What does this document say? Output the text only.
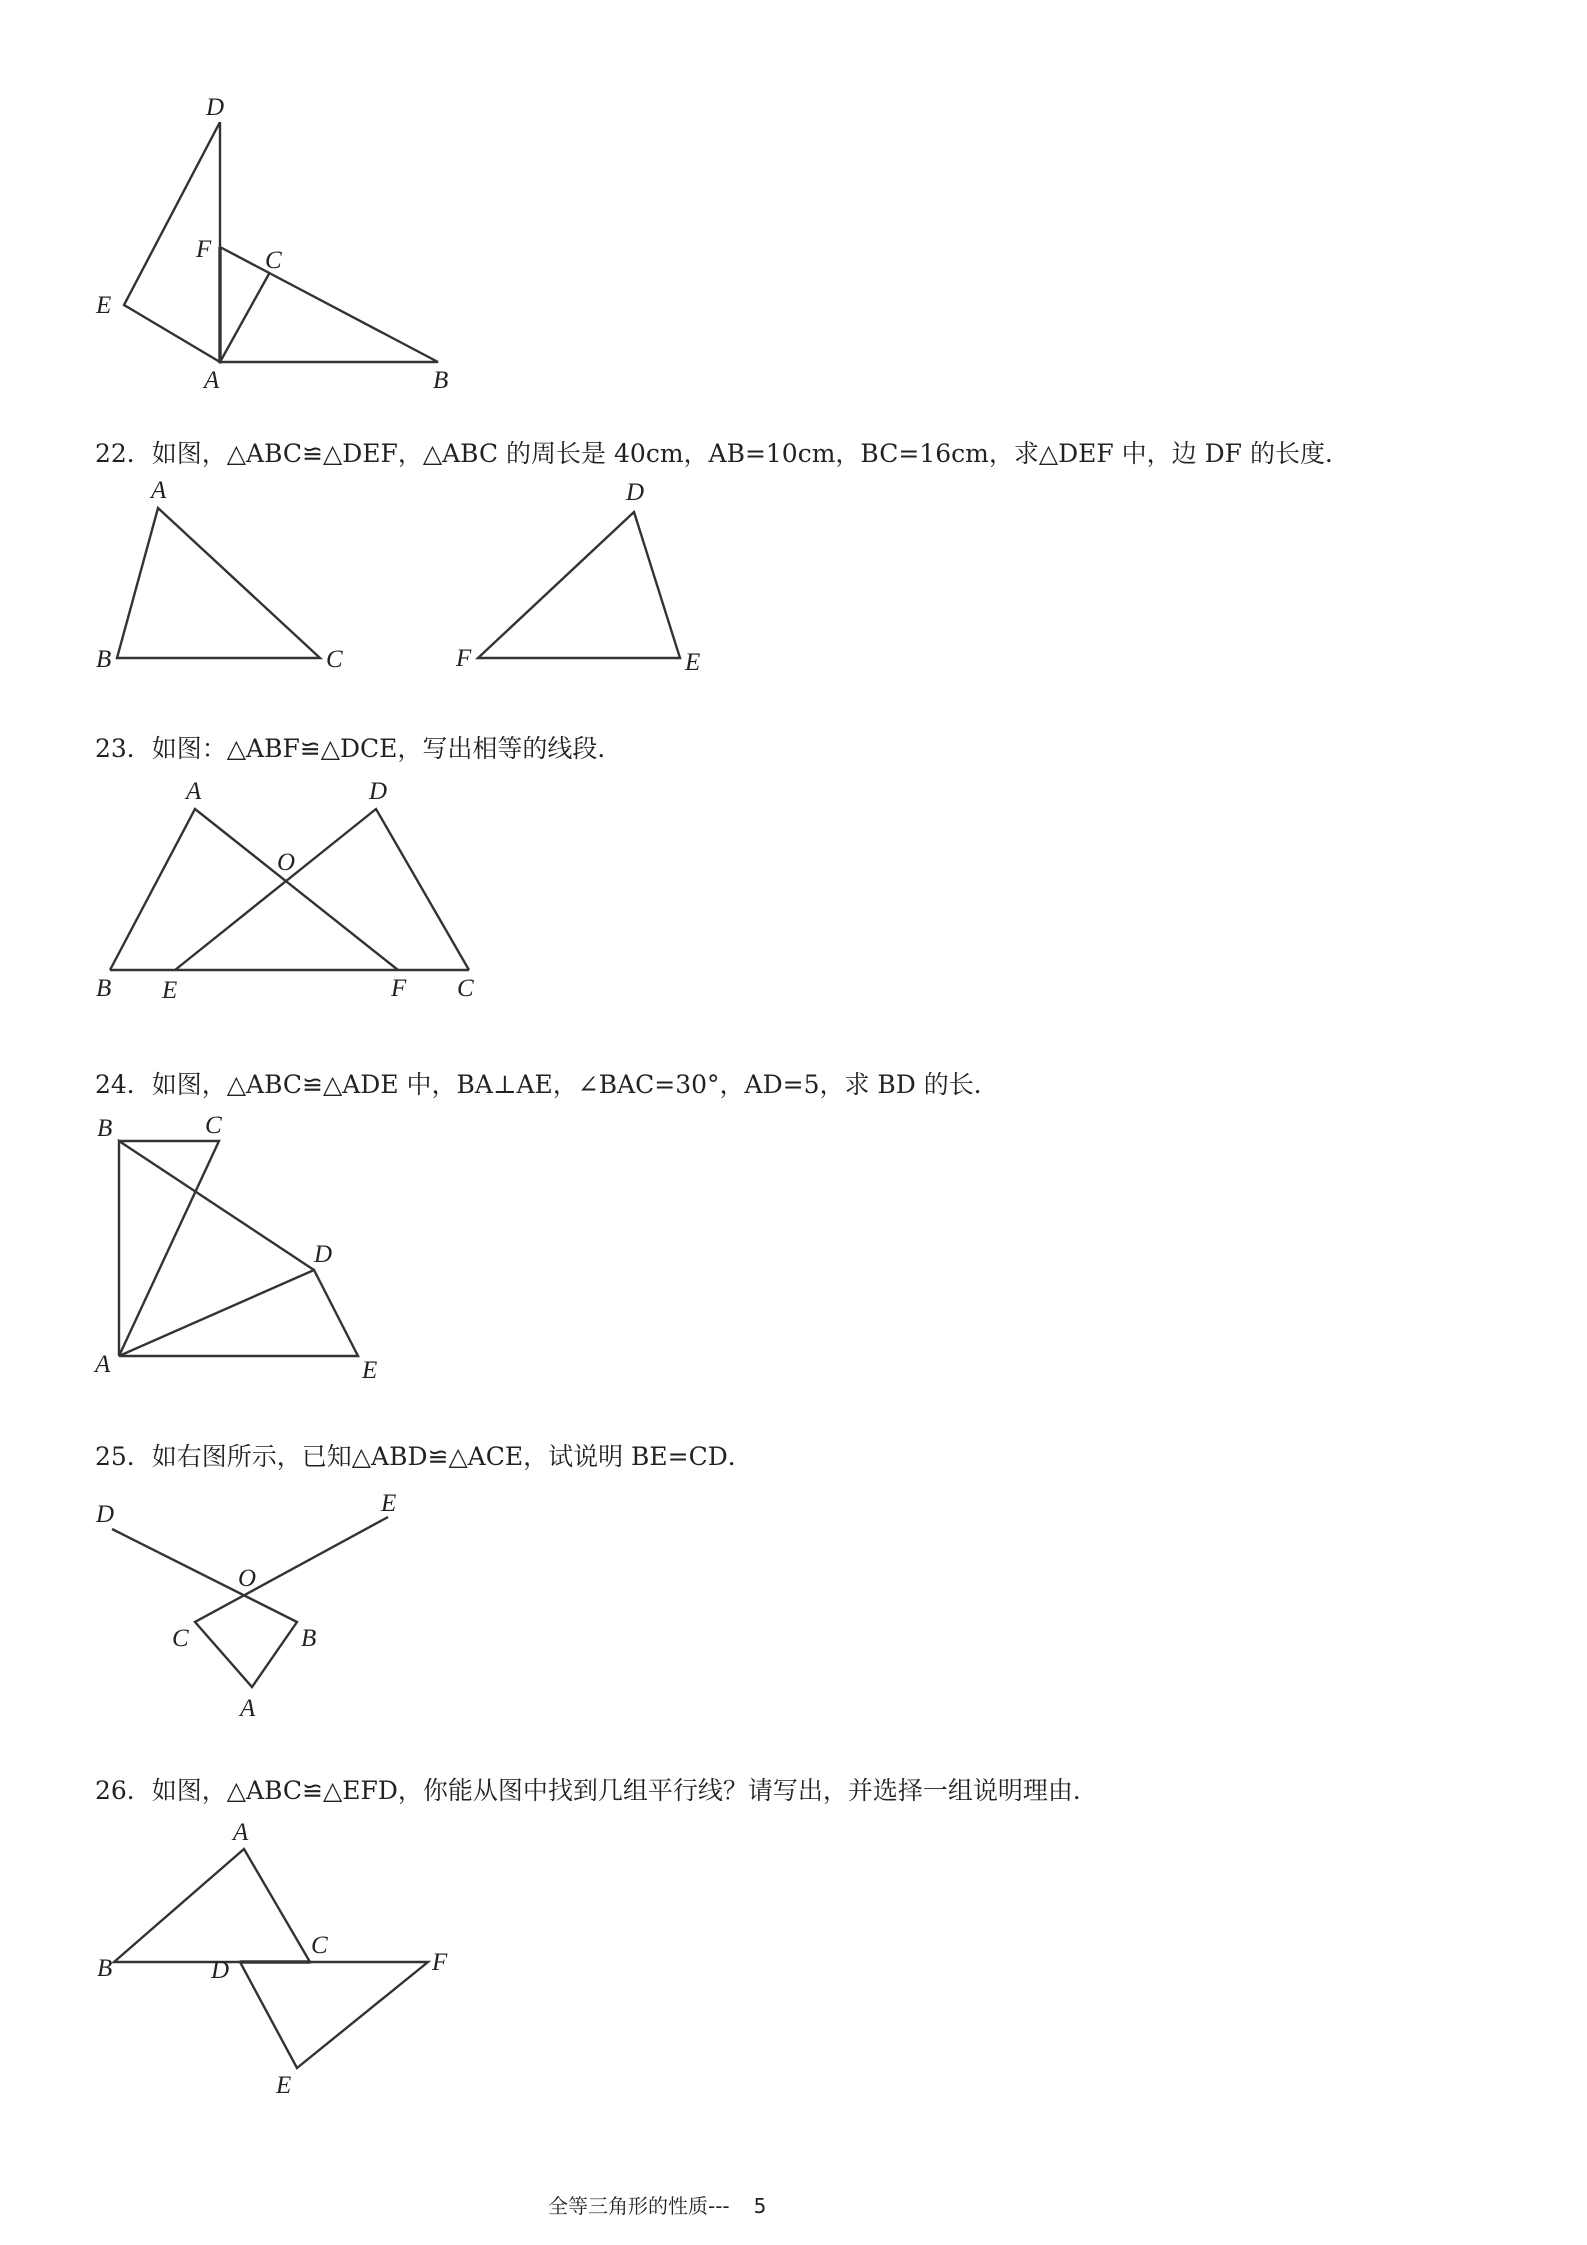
D
F C
E
A	B
22．如图，△ABC≌△DEF，△ABC 的周长是 40cm，AB=10cm，BC=16cm，求△DEF 中，边 DF 的长度．
A
B	C
D
F	E
23．如图：△ABF≌△DCE，写出相等的线段．
A	D
O
B E	F C
24．如图，△ABC≌△ADE 中，BA⊥AE，∠BAC=30°，AD=5，求 BD 的长．
B	C
D
A	E
25．如右图所示，已知△ABD≌△ACE，试说明 BE=CD．
D	E
O
C	B
A
26．如图，△ABC≌△EFD，你能从图中找到几组平行线？请写出，并选择一组说明理由．
A
C
B	D	F
E
全等三角形的性质--- 5
